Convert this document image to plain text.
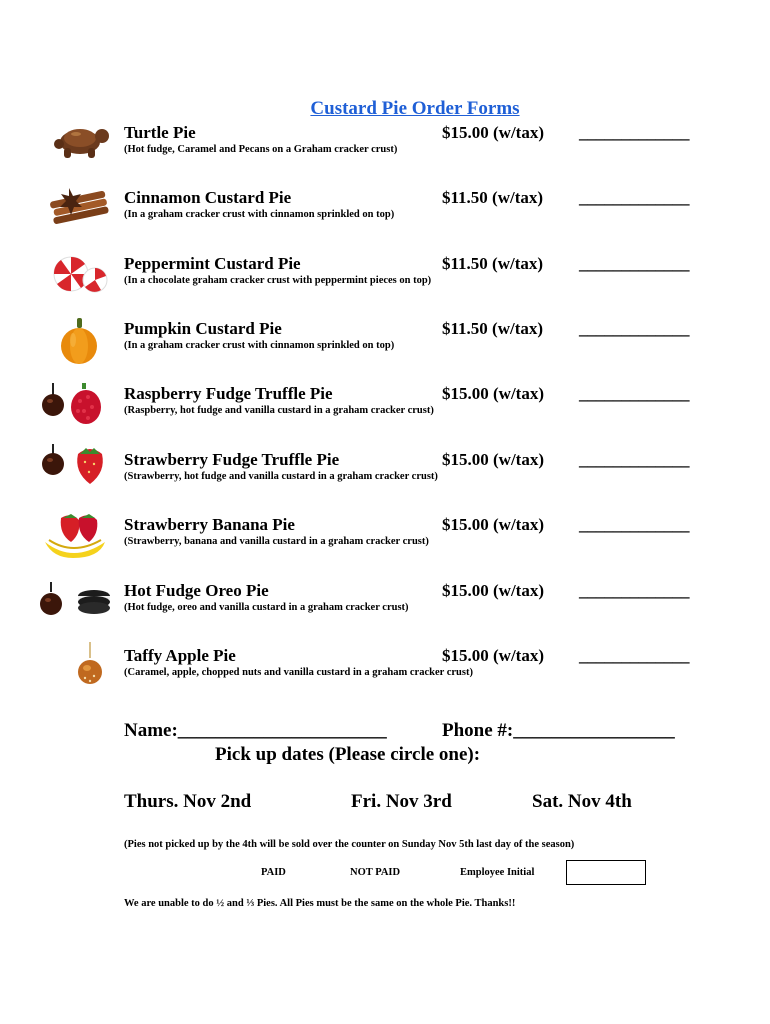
Custard Pie Order Forms
Turtle Pie	$15.00 (w/tax) _____________
(Hot fudge, Caramel and Pecans on a Graham cracker crust)
Cinnamon Custard Pie	$11.50 (w/tax) _____________
(In a graham cracker crust with cinnamon sprinkled on top)
Peppermint Custard Pie	$11.50 (w/tax) _____________
(In a chocolate graham cracker crust with peppermint pieces on top)
Pumpkin Custard Pie	$11.50 (w/tax) _____________
(In a graham cracker crust with cinnamon sprinkled on top)
Raspberry Fudge Truffle Pie	$15.00 (w/tax) _____________
(Raspberry, hot fudge and vanilla custard in a graham cracker crust)
Strawberry Fudge Truffle Pie	$15.00 (w/tax) _____________
(Strawberry, hot fudge and vanilla custard in a graham cracker crust)
Strawberry Banana Pie	$15.00 (w/tax) _____________
(Strawberry, banana and vanilla custard in a graham cracker crust)
Hot Fudge Oreo Pie	$15.00 (w/tax) _____________
(Hot fudge, oreo and vanilla custard in a graham cracker crust)
Taffy Apple Pie	$15.00 (w/tax) _____________
(Caramel, apple, chopped nuts and vanilla custard in a graham cracker crust)
Name:______________________	Phone #:_________________
Pick up dates (Please circle one):
Thurs. Nov 2nd	Fri. Nov 3rd	Sat. Nov 4th
(Pies not picked up by the 4th will be sold over the counter on Sunday Nov 5th last day of the season)
PAID	NOT PAID	Employee Initial
We are unable to do ½ and ⅓ Pies. All Pies must be the same on the whole Pie. Thanks!!
